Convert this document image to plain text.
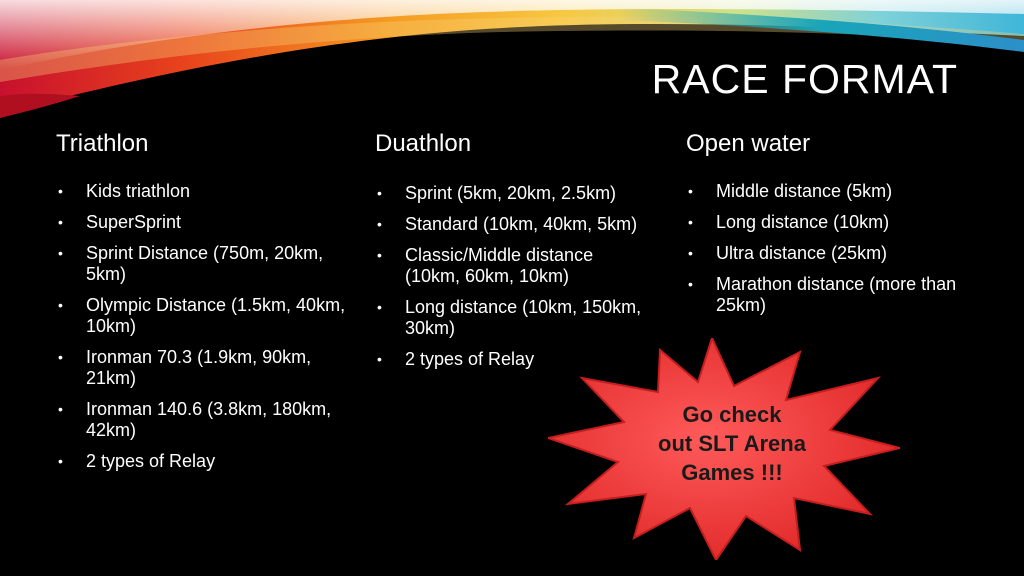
RACE FORMAT
Triathlon
• Kids triathlon
• SuperSprint
• Sprint Distance (750m, 20km, 5km)
• Olympic Distance (1.5km, 40km, 10km)
• Ironman 70.3 (1.9km, 90km, 21km)
• Ironman 140.6 (3.8km, 180km, 42km)
• 2 types of Relay
Duathlon
• Sprint (5km, 20km, 2.5km)
• Standard (10km, 40km, 5km)
• Classic/Middle distance (10km, 60km, 10km)
• Long distance (10km, 150km, 30km)
• 2 types of Relay
Open water
• Middle distance (5km)
• Long distance (10km)
• Ultra distance (25km)
• Marathon distance (more than 25km)
Go check
out SLT Arena
Games !!!
